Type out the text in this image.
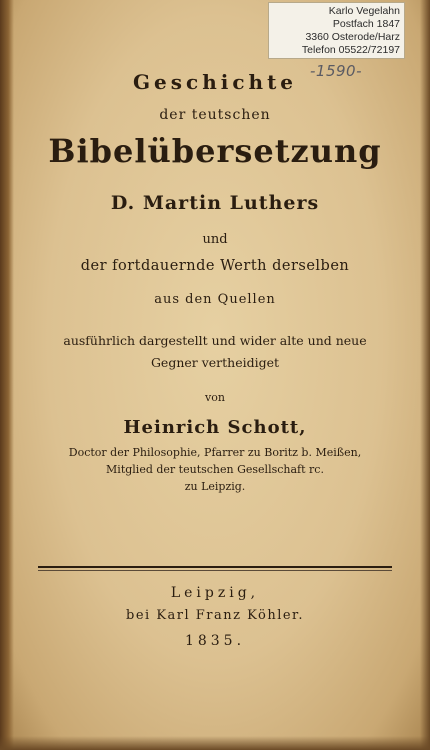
Karlo Vegelahn
Postfach 1847
3360 Osterode/Harz
Telefon 05522/72197
-1590-
Geschichte
der teutschen
Bibelübersetzung
D. Martin Luthers
und
der fortdauernde Werth derselben
aus den Quellen
ausführlich dargestellt und wider alte und neue
Gegner vertheidiget
von
Heinrich Schott,
Doctor der Philosophie, Pfarrer zu Boritz b. Meißen,
Mitglied der teutschen Gesellschaft rc.
zu Leipzig.
Leipzig,
bei Karl Franz Köhler.
1835.
